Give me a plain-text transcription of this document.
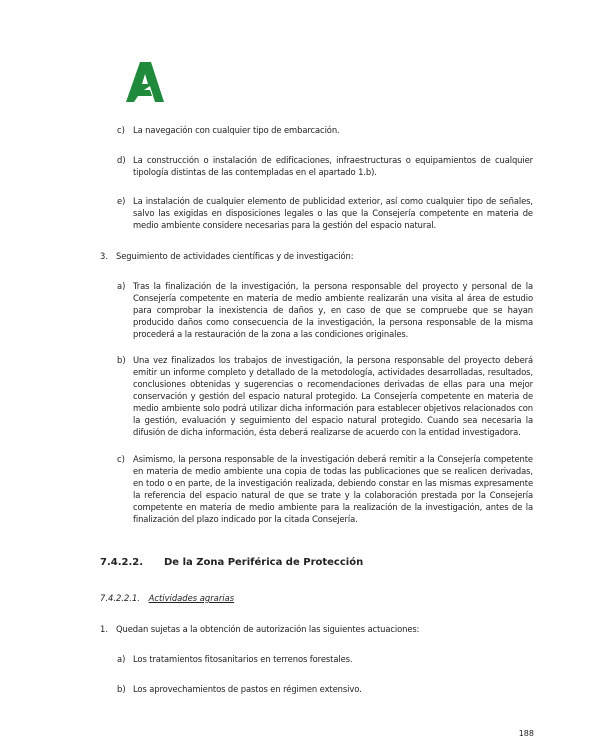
c) La navegación con cualquier tipo de embarcación.
d) La construcción o instalación de edificaciones, infraestructuras o equipamientos de cualquier tipología distintas de las contempladas en el apartado 1.b).
e) La instalación de cualquier elemento de publicidad exterior, así como cualquier tipo de señales, salvo las exigidas en disposiciones legales o las que la Consejería competente en materia de medio ambiente considere necesarias para la gestión del espacio natural.
3. Seguimiento de actividades científicas y de investigación:
a) Tras la finalización de la investigación, la persona responsable del proyecto y personal de la Consejería competente en materia de medio ambiente realizarán una visita al área de estudio para comprobar la inexistencia de daños y, en caso de que se compruebe que se hayan producido daños como consecuencia de la investigación, la persona responsable de la misma procederá a la restauración de la zona a las condiciones originales.
b) Una vez finalizados los trabajos de investigación, la persona responsable del proyecto deberá emitir un informe completo y detallado de la metodología, actividades desarrolladas, resultados, conclusiones obtenidas y sugerencias o recomendaciones derivadas de ellas para una mejor conservación y gestión del espacio natural protegido. La Consejería competente en materia de medio ambiente solo podrá utilizar dicha información para establecer objetivos relacionados con la gestión, evaluación y seguimiento del espacio natural protegido. Cuando sea necesaria la difusión de dicha información, ésta deberá realizarse de acuerdo con la entidad investigadora.
c) Asimismo, la persona responsable de la investigación deberá remitir a la Consejería competente en materia de medio ambiente una copia de todas las publicaciones que se realicen derivadas, en todo o en parte, de la investigación realizada, debiendo constar en las mismas expresamente la referencia del espacio natural de que se trate y la colaboración prestada por la Consejería competente en materia de medio ambiente para la realización de la investigación, antes de la finalización del plazo indicado por la citada Consejería.
7.4.2.2. De la Zona Periférica de Protección
7.4.2.2.1. Actividades agrarias
1. Quedan sujetas a la obtención de autorización las siguientes actuaciones:
a) Los tratamientos fitosanitarios en terrenos forestales.
b) Los aprovechamientos de pastos en régimen extensivo.
188
